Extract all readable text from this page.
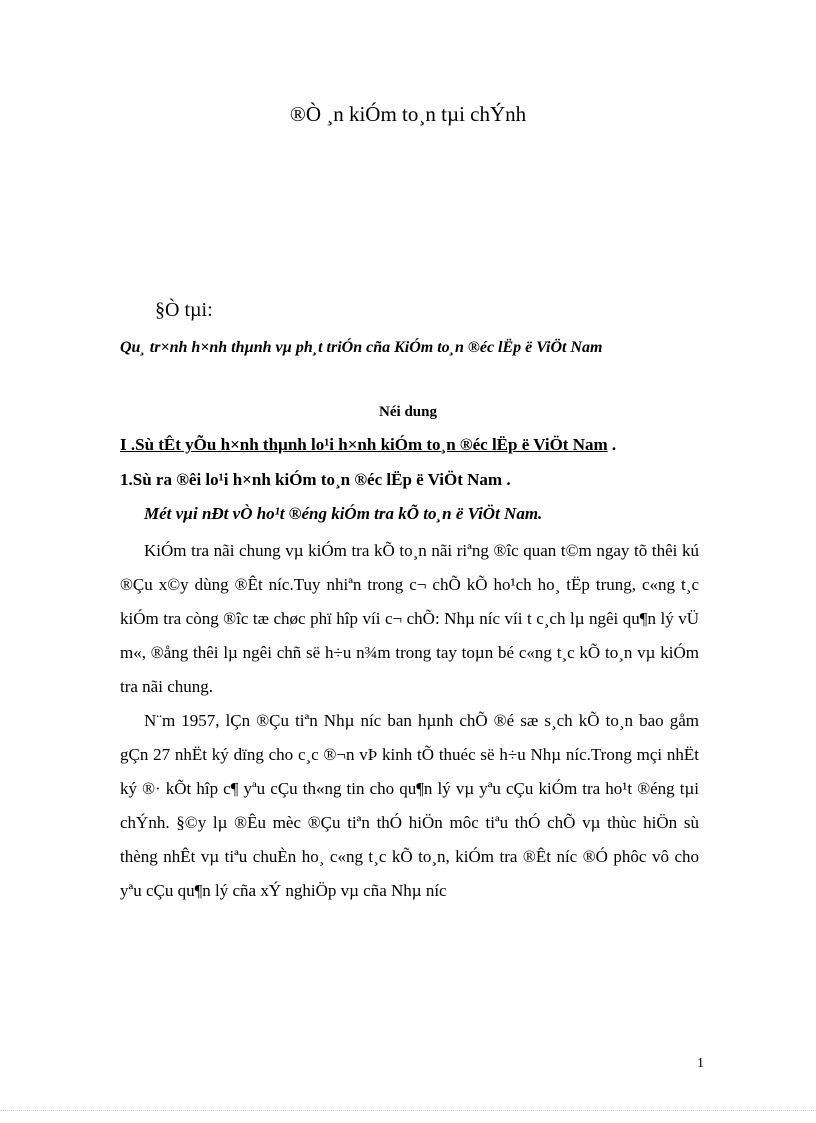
®Ò ¸n kiÓm to¸n tµi chÝnh
§Ò tµi:
Qu¸ tr×nh h×nh thµnh vµ ph¸t triÓn cña KiÓm to¸n ®éc lËp ë ViÖt Nam
Néi dung
I .Sù tÊt yÕu h×nh thµnh lo¹i h×nh kiÓm to¸n ®éc lËp ë ViÖt Nam .
1.Sù ra ®êi lo¹i h×nh kiÓm to¸n ®éc lËp ë ViÖt Nam .
Mét vµi nÐt vÒ ho¹t ®éng kiÓm tra kÕ to¸n ë ViÖt Nam.
KiÓm tra nãi chung vµ kiÓm tra kÕ to¸n nãi riªng ®îc quan t©m ngay tõ thêi kú ®Çu x©y dùng ®Êt níc.Tuy nhiªn trong c¬ chÕ kÕ ho¹ch ho¸ tËp trung, c«ng t¸c kiÓm tra còng ®îc tæ chøc phï hîp víi c¬ chÕ: Nhµ níc víi t c¸ch lµ ngêi qu¶n lý vÜ m«, ®ång thêi lµ ngêi chñ së h÷u n¾m trong tay toµn bé c«ng t¸c kÕ to¸n vµ kiÓm tra nãi chung.
N¨m 1957, lÇn ®Çu tiªn Nhµ níc ban hµnh chÕ ®é sæ s¸ch kÕ to¸n bao gåm gÇn 27 nhËt ký dïng cho c¸c ®¬n vÞ kinh tÕ thuéc së h÷u Nhµ níc.Trong mçi nhËt ký ®· kÕt hîp c¶ yªu cÇu th«ng tin cho qu¶n lý vµ yªu cÇu kiÓm tra ho¹t ®éng tµi chÝnh. §©y lµ ®Êu mèc ®Çu tiªn thÓ hiÖn môc tiªu thÓ chÕ vµ thùc hiÖn sù thèng nhÊt vµ tiªu chuÈn ho¸ c«ng t¸c kÕ to¸n, kiÓm tra ®Êt níc ®Ó phôc vô cho yªu cÇu qu¶n lý cña xÝ nghiÖp vµ cña Nhµ níc
1
